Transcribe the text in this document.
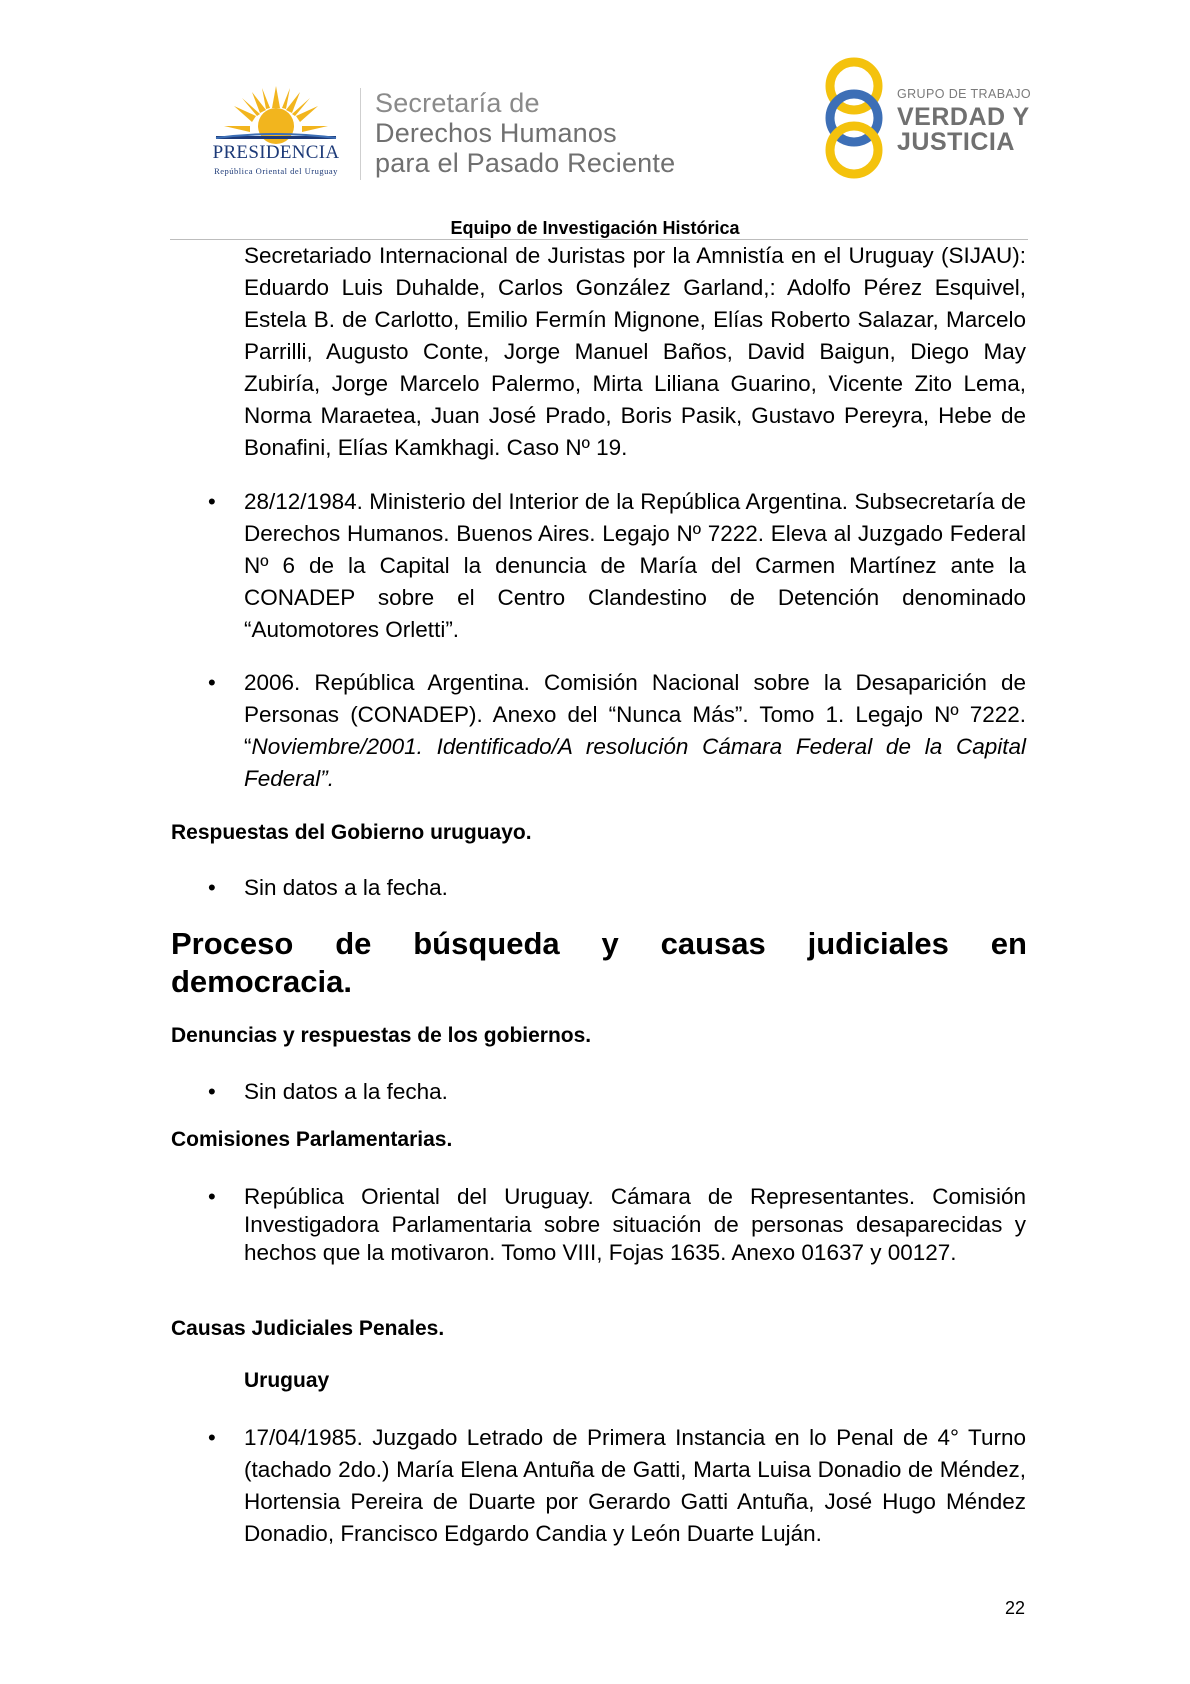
PRESIDENCIA
República Oriental del Uruguay
Secretaría de
Derechos Humanos
para el Pasado Reciente
GRUPO DE TRABAJO
VERDAD Y
JUSTICIA
Equipo de Investigación Histórica
Secretariado Internacional de Juristas por la Amnistía en el Uruguay (SIJAU): Eduardo Luis Duhalde, Carlos González Garland,: Adolfo Pérez Esquivel, Estela B. de Carlotto, Emilio Fermín Mignone, Elías Roberto Salazar, Marcelo Parrilli, Augusto Conte, Jorge Manuel Baños, David Baigun, Diego May Zubiría, Jorge Marcelo Palermo, Mirta Liliana Guarino, Vicente Zito Lema, Norma Maraetea, Juan José Prado, Boris Pasik, Gustavo Pereyra, Hebe de Bonafini, Elías Kamkhagi. Caso Nº 19.
• 28/12/1984. Ministerio del Interior de la República Argentina. Subsecretaría de Derechos Humanos. Buenos Aires. Legajo Nº 7222. Eleva al Juzgado Federal Nº 6 de la Capital la denuncia de María del Carmen Martínez ante la CONADEP sobre el Centro Clandestino de Detención denominado “Automotores Orletti”.
• 2006. República Argentina. Comisión Nacional sobre la Desaparición de Personas (CONADEP). Anexo del “Nunca Más”. Tomo 1. Legajo Nº 7222. “Noviembre/2001. Identificado/A resolución Cámara Federal de la Capital Federal”.
Respuestas del Gobierno uruguayo.
• Sin datos a la fecha.
Proceso de búsqueda y causas judiciales en
democracia.
Denuncias y respuestas de los gobiernos.
• Sin datos a la fecha.
Comisiones Parlamentarias.
• República Oriental del Uruguay. Cámara de Representantes. Comisión Investigadora Parlamentaria sobre situación de personas desaparecidas y hechos que la motivaron. Tomo VIII, Fojas 1635. Anexo 01637 y 00127.
Causas Judiciales Penales.
Uruguay
• 17/04/1985. Juzgado Letrado de Primera Instancia en lo Penal de 4° Turno (tachado 2do.) María Elena Antuña de Gatti, Marta Luisa Donadio de Méndez, Hortensia Pereira de Duarte por Gerardo Gatti Antuña, José Hugo Méndez Donadio, Francisco Edgardo Candia y León Duarte Luján.
22
